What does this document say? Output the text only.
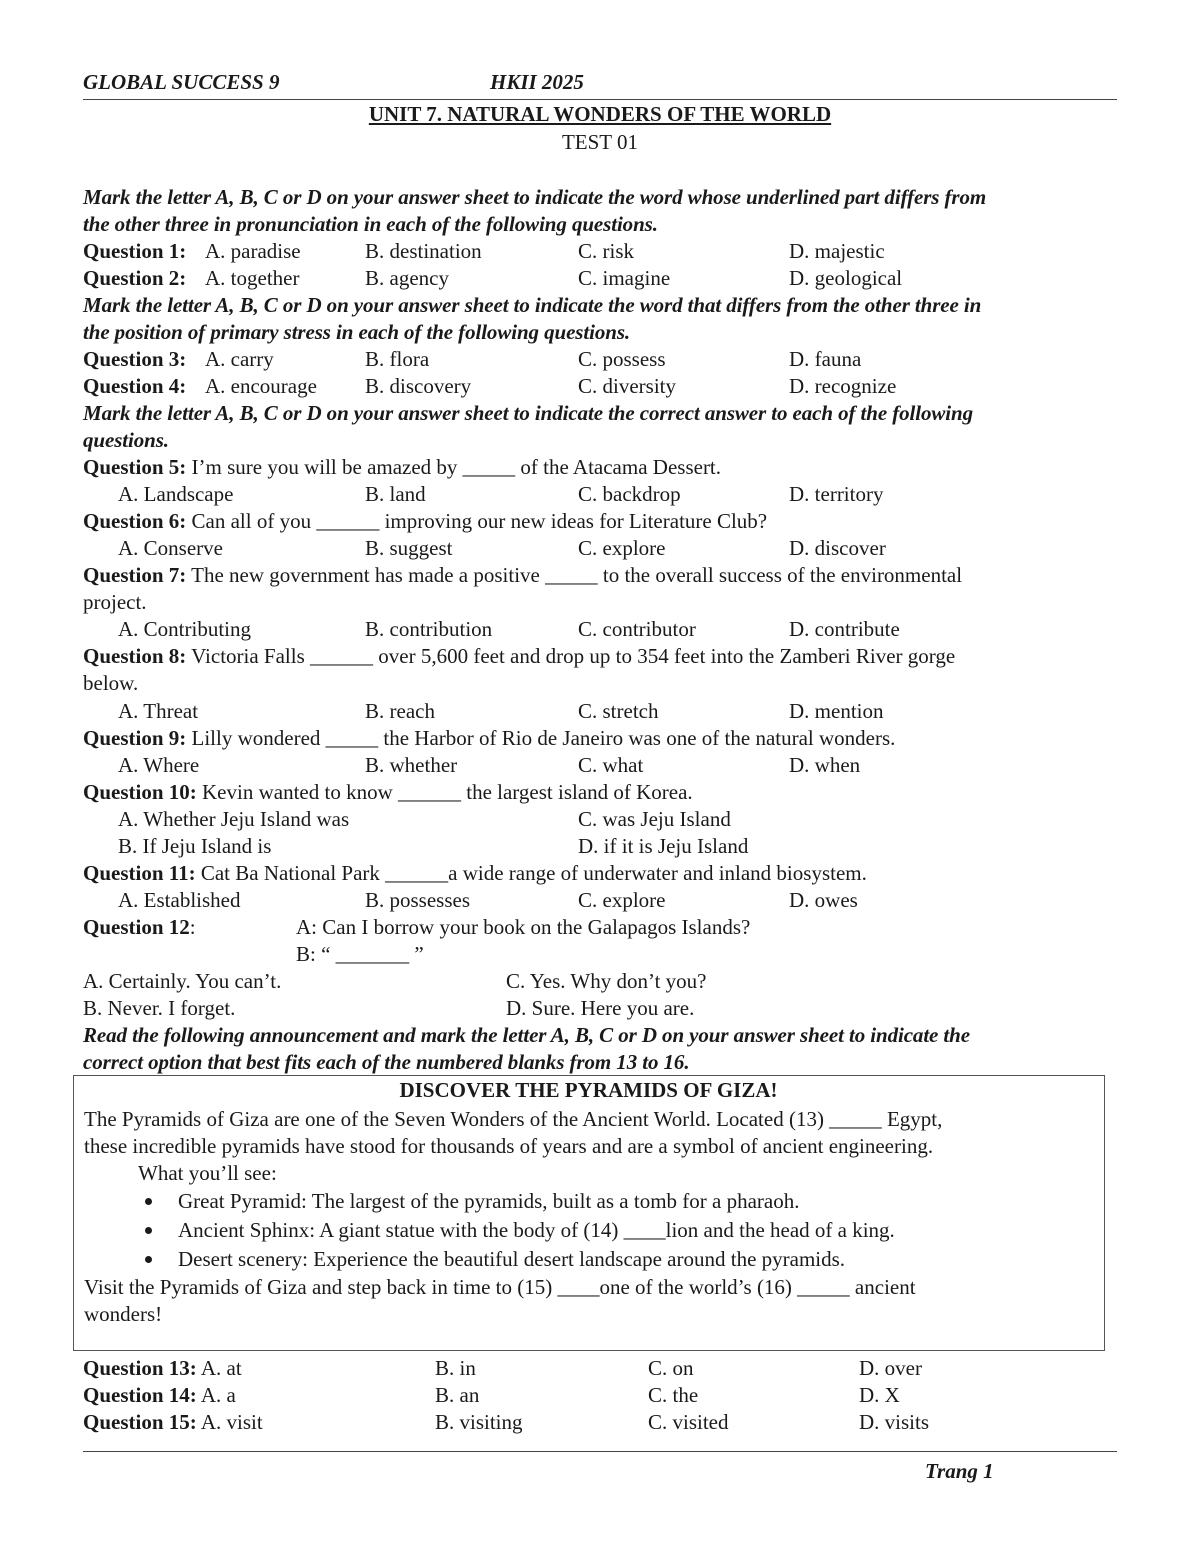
GLOBAL SUCCESS 9	HKII 2025
UNIT 7. NATURAL WONDERS OF THE WORLD
TEST 01
Mark the letter A, B, C or D on your answer sheet to indicate the word whose underlined part differs from
the other three in pronunciation in each of the following questions.
Question 1: A. paradise	B. destination	C. risk	D. majestic
Question 2: A. together	B. agency	C. imagine	D. geological
Mark the letter A, B, C or D on your answer sheet to indicate the word that differs from the other three in
the position of primary stress in each of the following questions.
Question 3: A. carry	B. flora	C. possess	D. fauna
Question 4: A. encourage B. discovery	C. diversity	D. recognize
Mark the letter A, B, C or D on your answer sheet to indicate the correct answer to each of the following
questions.
Question 5: I’m sure you will be amazed by _____ of the Atacama Dessert.
A. Landscape	B. land	C. backdrop	D. territory
Question 6: Can all of you ______ improving our new ideas for Literature Club?
A. Conserve	B. suggest	C. explore	D. discover
Question 7: The new government has made a positive _____ to the overall success of the environmental
project.
A. Contributing	B. contribution	C. contributor	D. contribute
Question 8: Victoria Falls ______ over 5,600 feet and drop up to 354 feet into the Zamberi River gorge
below.
A. Threat	B. reach	C. stretch	D. mention
Question 9: Lilly wondered _____ the Harbor of Rio de Janeiro was one of the natural wonders.
A. Where	B. whether	C. what	D. when
Question 10: Kevin wanted to know ______ the largest island of Korea.
A. Whether Jeju Island was	C. was Jeju Island
B. If Jeju Island is	D. if it is Jeju Island
Question 11: Cat Ba National Park ______a wide range of underwater and inland biosystem.
A. Established	B. possesses	C. explore	D. owes
Question 12:	A: Can I borrow your book on the Galapagos Islands?
B: “ _______ ”
A. Certainly. You can’t.	C. Yes. Why don’t you?
B. Never. I forget.	D. Sure. Here you are.
Read the following announcement and mark the letter A, B, C or D on your answer sheet to indicate the
correct option that best fits each of the numbered blanks from 13 to 16.
DISCOVER THE PYRAMIDS OF GIZA!
The Pyramids of Giza are one of the Seven Wonders of the Ancient World. Located (13) _____ Egypt,
these incredible pyramids have stood for thousands of years and are a symbol of ancient engineering.
What you’ll see:
Great Pyramid: The largest of the pyramids, built as a tomb for a pharaoh.
Ancient Sphinx: A giant statue with the body of (14) ____lion and the head of a king.
Desert scenery: Experience the beautiful desert landscape around the pyramids.
Visit the Pyramids of Giza and step back in time to (15) ____one of the world’s (16) _____ ancient
wonders!
Question 13: A. at	B. in	C. on	D. over
Question 14: A. a	B. an	C. the	D. X
Question 15: A. visit	B. visiting	C. visited	D. visits
Trang 1
